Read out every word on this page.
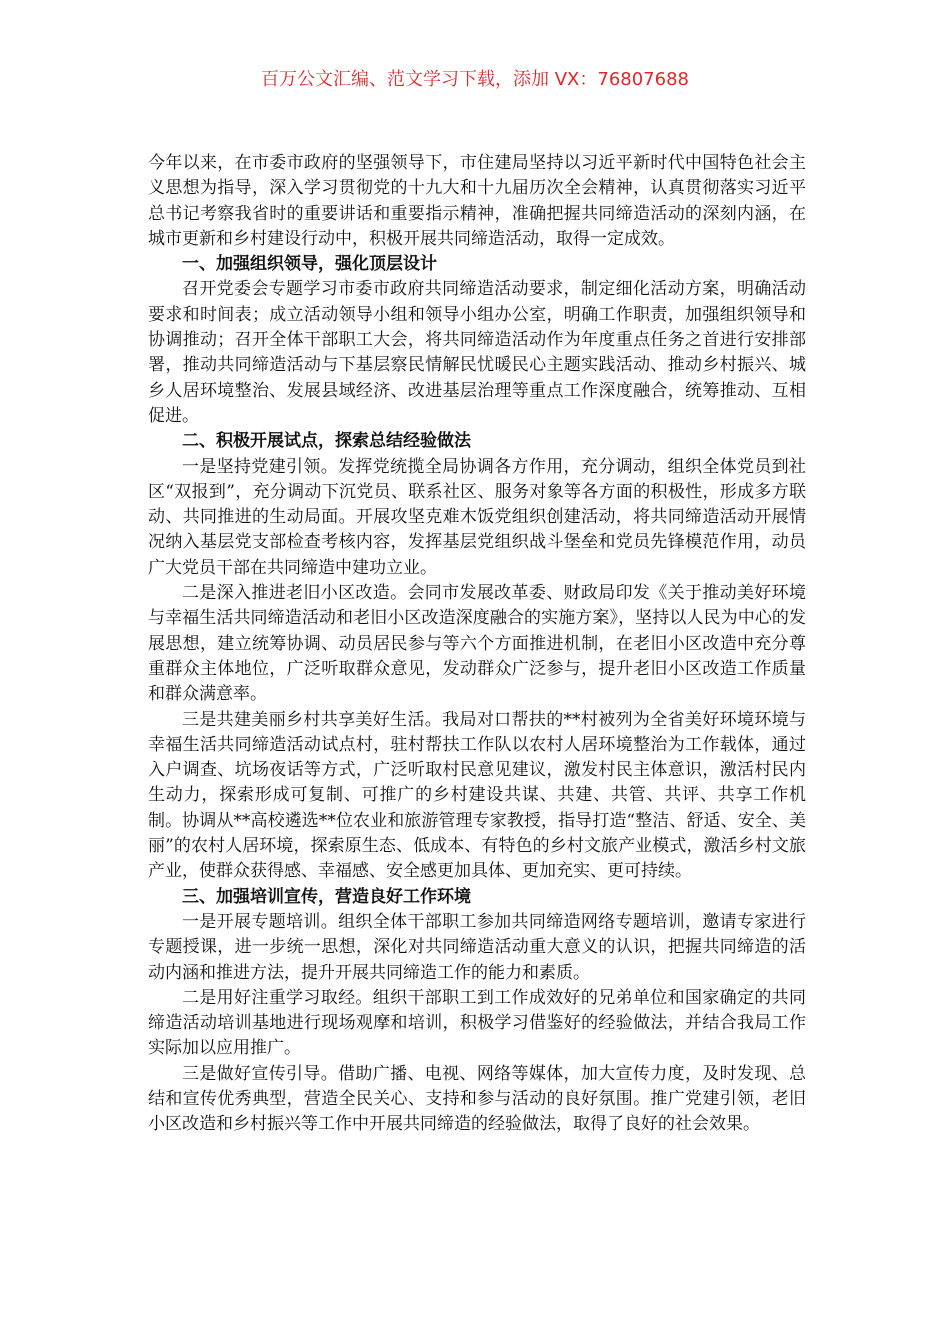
百万公文汇编、范文学习下载，添加 VX：76807688

今年以来，在市委市政府的坚强领导下，市住建局坚持以习近平新时代中国特色社会主义思想为指导，深入学习贯彻党的十九大和十九届历次全会精神，认真贯彻落实习近平总书记考察我省时的重要讲话和重要指示精神，准确把握共同缔造活动的深刻内涵，在城市更新和乡村建设行动中，积极开展共同缔造活动，取得一定成效。

一、加强组织领导，强化顶层设计

召开党委会专题学习市委市政府共同缔造活动要求，制定细化活动方案，明确活动要求和时间表；成立活动领导小组和领导小组办公室，明确工作职责，加强组织领导和协调推动；召开全体干部职工大会，将共同缔造活动作为年度重点任务之首进行安排部署，推动共同缔造活动与下基层察民情解民忧暖民心主题实践活动、推动乡村振兴、城乡人居环境整治、发展县域经济、改进基层治理等重点工作深度融合，统筹推动、互相促进。

二、积极开展试点，探索总结经验做法

一是坚持党建引领。发挥党统揽全局协调各方作用，充分调动，组织全体党员到社区“双报到”，充分调动下沉党员、联系社区、服务对象等各方面的积极性，形成多方联动、共同推进的生动局面。开展攻坚克难木饭党组织创建活动，将共同缔造活动开展情况纳入基层党支部检查考核内容，发挥基层党组织战斗堡垒和党员先锋模范作用，动员广大党员干部在共同缔造中建功立业。

二是深入推进老旧小区改造。会同市发展改革委、财政局印发《关于推动美好环境与幸福生活共同缔造活动和老旧小区改造深度融合的实施方案》，坚持以人民为中心的发展思想，建立统筹协调、动员居民参与等六个方面推进机制，在老旧小区改造中充分尊重群众主体地位，广泛听取群众意见，发动群众广泛参与，提升老旧小区改造工作质量和群众满意率。

三是共建美丽乡村共享美好生活。我局对口帮扶的**村被列为全省美好环境环境与幸福生活共同缔造活动试点村，驻村帮扶工作队以农村人居环境整治为工作载体，通过入户调查、坑场夜话等方式，广泛听取村民意见建议，激发村民主体意识，激活村民内生动力，探索形成可复制、可推广的乡村建设共谋、共建、共管、共评、共享工作机制。协调从**高校遴选**位农业和旅游管理专家教授，指导打造“整洁、舒适、安全、美丽”的农村人居环境，探索原生态、低成本、有特色的乡村文旅产业模式，激活乡村文旅产业，使群众获得感、幸福感、安全感更加具体、更加充实、更可持续。

三、加强培训宣传，营造良好工作环境

一是开展专题培训。组织全体干部职工参加共同缔造网络专题培训，邀请专家进行专题授课，进一步统一思想，深化对共同缔造活动重大意义的认识，把握共同缔造的活动内涵和推进方法，提升开展共同缔造工作的能力和素质。

二是用好注重学习取经。组织干部职工到工作成效好的兄弟单位和国家确定的共同缔造活动培训基地进行现场观摩和培训，积极学习借鉴好的经验做法，并结合我局工作实际加以应用推广。

三是做好宣传引导。借助广播、电视、网络等媒体，加大宣传力度，及时发现、总结和宣传优秀典型，营造全民关心、支持和参与活动的良好氛围。推广党建引领，老旧小区改造和乡村振兴等工作中开展共同缔造的经验做法，取得了良好的社会效果。
